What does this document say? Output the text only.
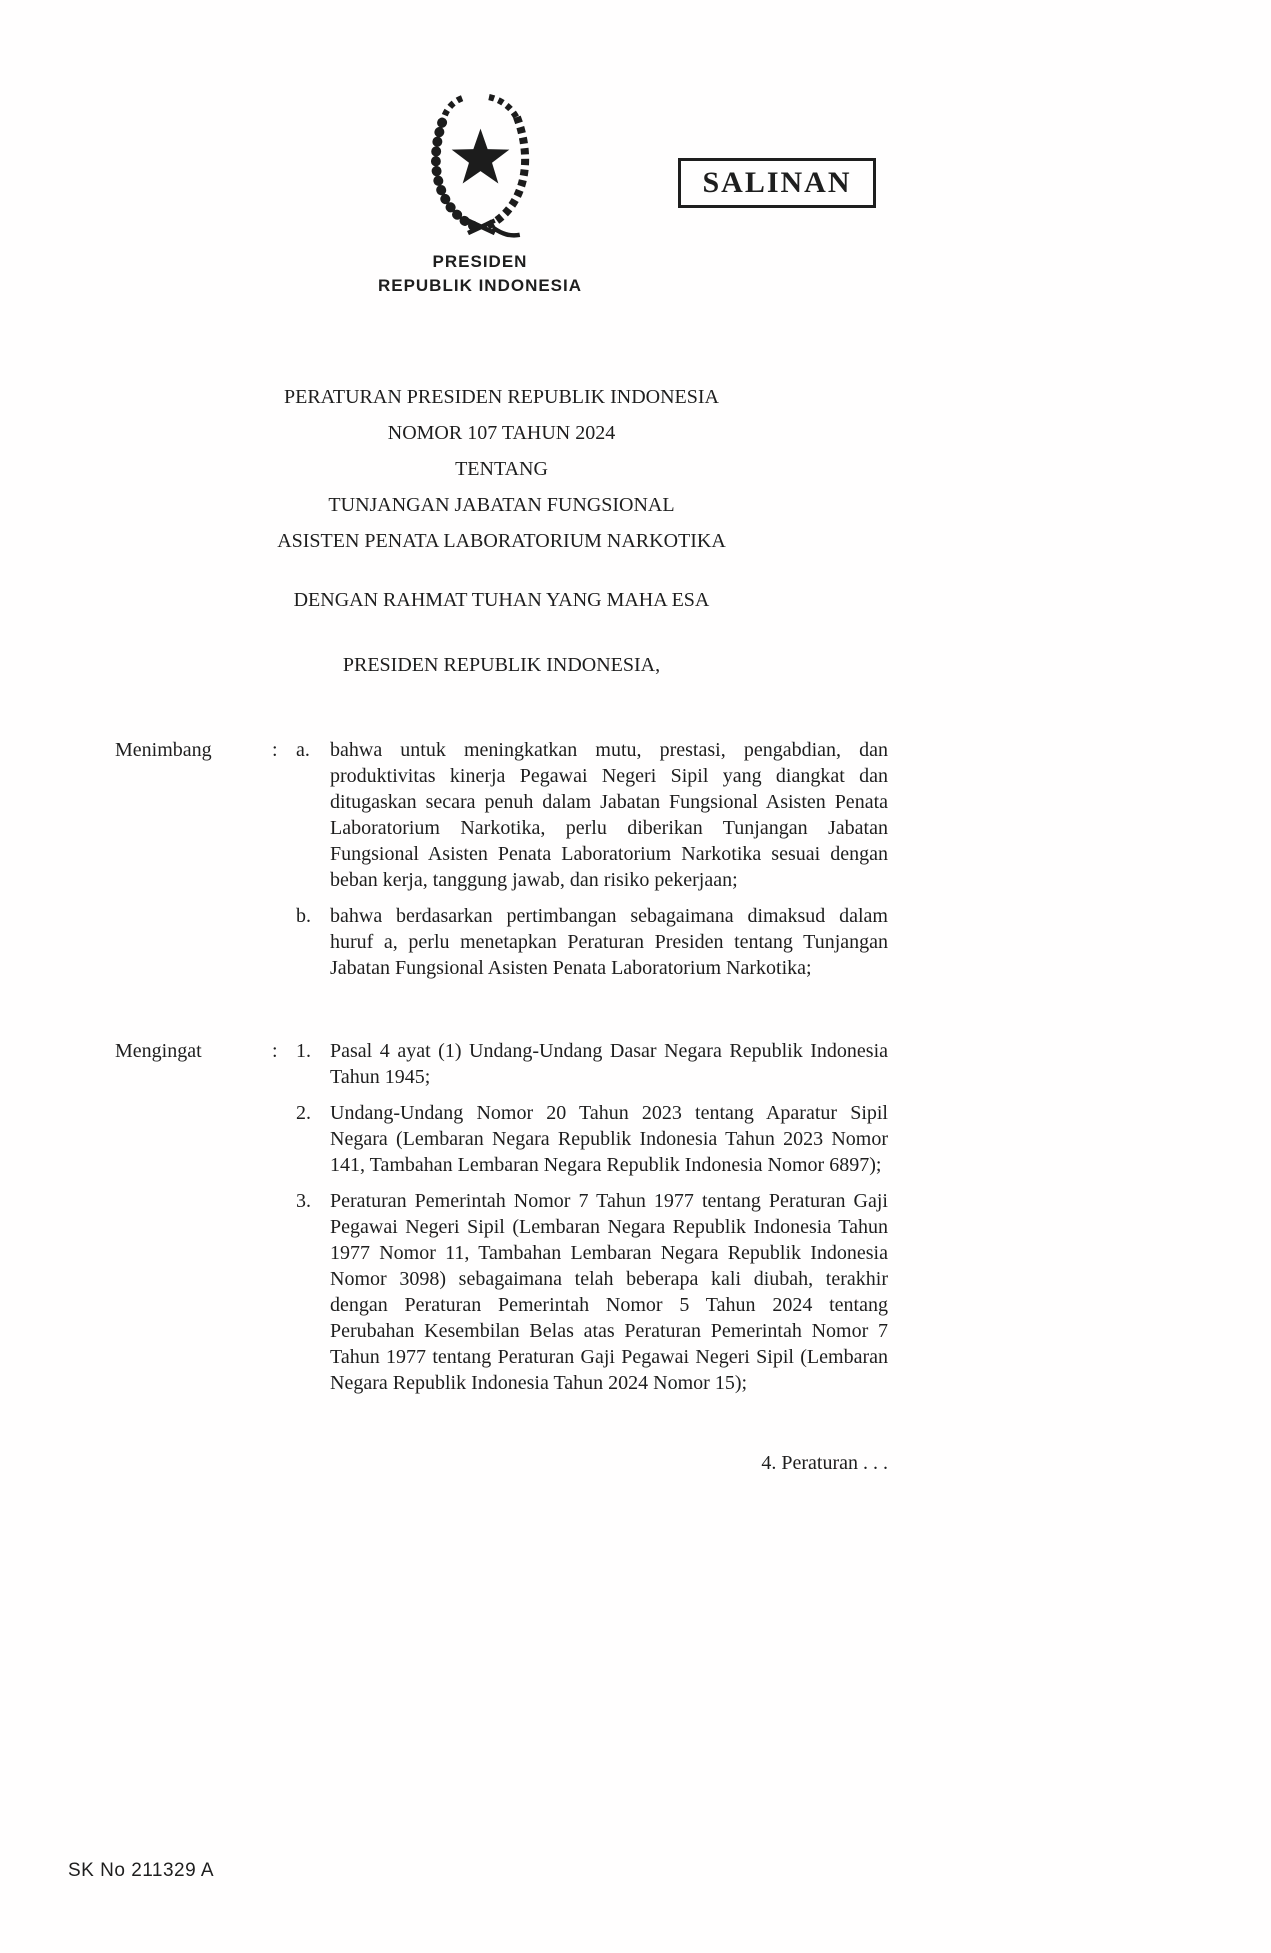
SALINAN
PRESIDEN
REPUBLIK INDONESIA
PERATURAN PRESIDEN REPUBLIK INDONESIA
NOMOR 107 TAHUN 2024
TENTANG
TUNJANGAN JABATAN FUNGSIONAL
ASISTEN PENATA LABORATORIUM NARKOTIKA
DENGAN RAHMAT TUHAN YANG MAHA ESA
PRESIDEN REPUBLIK INDONESIA,
Menimbang	: a.	bahwa untuk meningkatkan mutu, prestasi, pengabdian, dan produktivitas kinerja Pegawai Negeri Sipil yang diangkat dan ditugaskan secara penuh dalam Jabatan Fungsional Asisten Penata Laboratorium Narkotika, perlu diberikan Tunjangan Jabatan Fungsional Asisten Penata Laboratorium Narkotika sesuai dengan beban kerja, tanggung jawab, dan risiko pekerjaan;
b. bahwa berdasarkan pertimbangan sebagaimana dimaksud dalam huruf a, perlu menetapkan Peraturan Presiden tentang Tunjangan Jabatan Fungsional Asisten Penata Laboratorium Narkotika;
Mengingat	: 1. Pasal 4 ayat (1) Undang-Undang Dasar Negara Republik Indonesia Tahun 1945;
2. Undang-Undang Nomor 20 Tahun 2023 tentang Aparatur Sipil Negara (Lembaran Negara Republik Indonesia Tahun 2023 Nomor 141, Tambahan Lembaran Negara Republik Indonesia Nomor 6897);
3. Peraturan Pemerintah Nomor 7 Tahun 1977 tentang Peraturan Gaji Pegawai Negeri Sipil (Lembaran Negara Republik Indonesia Tahun 1977 Nomor 11, Tambahan Lembaran Negara Republik Indonesia Nomor 3098) sebagaimana telah beberapa kali diubah, terakhir dengan Peraturan Pemerintah Nomor 5 Tahun 2024 tentang Perubahan Kesembilan Belas atas Peraturan Pemerintah Nomor 7 Tahun 1977 tentang Peraturan Gaji Pegawai Negeri Sipil (Lembaran Negara Republik Indonesia Tahun 2024 Nomor 15);
4. Peraturan . . .
SK No 211329 A
